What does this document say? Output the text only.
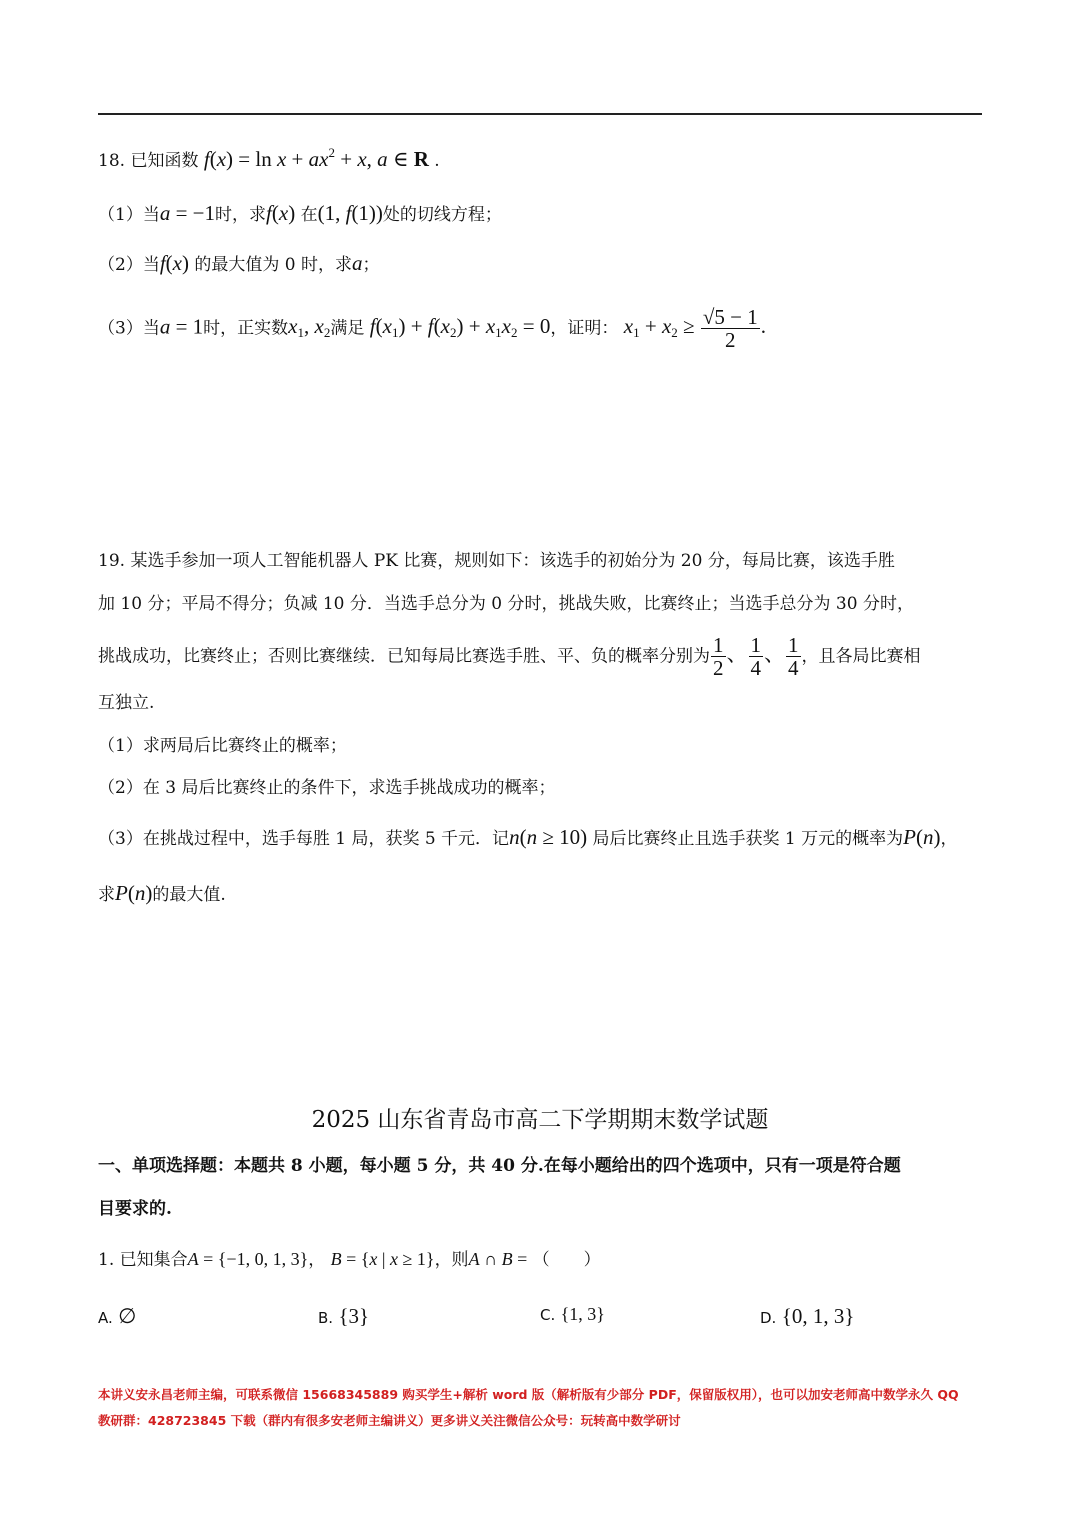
18. 已知函数 $f(x) = \ln x + ax^2 + x$, a ∈ R .
（1）当a = −1时，求f(x) 在(1, f(1))处的切线方程；
（2）当f(x) 的最大值为 0 时，求a；
（3）当a = 1时，正实数$x_1$, $x_2$满足 $f(x_1) + f(x_2) + x_1x_2 = 0$，证明： $x_1 + x_2 \ge \frac{√5 - 1}{2}$ .
19. 某选手参加一项人工智能机器人 PK 比赛，规则如下：该选手的初始分为 20 分，每局比赛，该选手胜
加 10 分；平局不得分；负减 10 分．当选手总分为 0 分时，挑战失败，比赛终止；当选手总分为 30 分时，
挑战成功，比赛终止；否则比赛继续．已知每局比赛选手胜、平、负的概率分别为 $\frac{1}{2}$ 、 $\frac{1}{4}$ 、 $\frac{1}{4}$ ，且各局比赛相
互独立.
（1）求两局后比赛终止的概率；
（2）在 3 局后比赛终止的条件下，求选手挑战成功的概率；
（3）在挑战过程中，选手每胜 1 局，获奖 5 千元．记n(n ≥ 10) 局后比赛终止且选手获奖 1 万元的概率为P(n)，
求P(n)的最大值.
2025 山东省青岛市高二下学期期末数学试题
一、单项选择题：本题共 8 小题，每小题 5 分，共 40 分.在每小题给出的四个选项中，只有一项是符合题
目要求的.
1. 已知集合A = {−1, 0, 1, 3}， B = {x | x ≥ 1}，则A ∩ B = （　　）
A. ∅	B. {3}	C. {1, 3}	D. {0, 1, 3}
本讲义安永昌老师主编，可联系微信 15668345889 购买学生+解析 word 版（解析版有少部分 PDF，保留版权用），也可以加安老师高中数学永久 QQ
教研群：428723845 下载（群内有很多安老师主编讲义）更多讲义关注微信公众号：玩转高中数学研讨
